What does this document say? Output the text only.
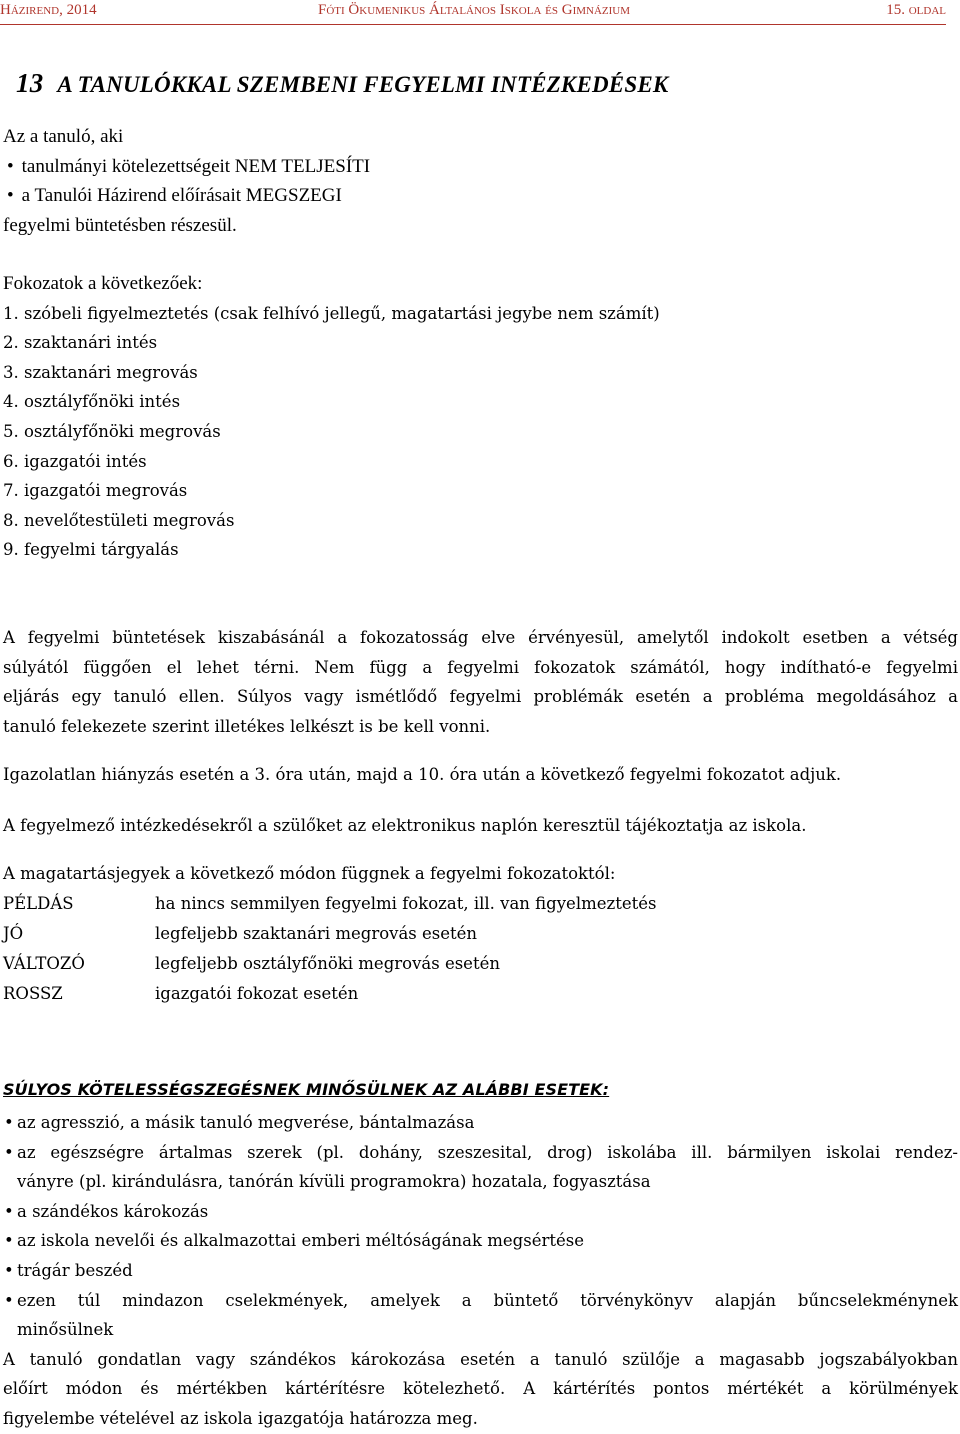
Házirend, 2014	Fóti Ökumenikus Általános Iskola és Gimnázium	15. oldal
13 A TANULÓKKAL SZEMBENI FEGYELMI INTÉZKEDÉSEK
Az a tanuló, aki
• tanulmányi kötelezettségeit NEM TELJESÍTI
• a Tanulói Házirend előírásait MEGSZEGI
fegyelmi büntetésben részesül.
Fokozatok a következőek:
1. szóbeli figyelmeztetés (csak felhívó jellegű, magatartási jegybe nem számít)
2. szaktanári intés
3. szaktanári megrovás
4. osztályfőnöki intés
5. osztályfőnöki megrovás
6. igazgatói intés
7. igazgatói megrovás
8. nevelőtestületi megrovás
9. fegyelmi tárgyalás
A fegyelmi büntetések kiszabásánál a fokozatosság elve érvényesül, amelytől indokolt esetben a vétség
súlyától függően el lehet térni. Nem függ a fegyelmi fokozatok számától, hogy indítható-e fegyelmi
eljárás egy tanuló ellen. Súlyos vagy ismétlődő fegyelmi problémák esetén a probléma megoldásához a
tanuló felekezete szerint illetékes lelkészt is be kell vonni.
Igazolatlan hiányzás esetén a 3. óra után, majd a 10. óra után a következő fegyelmi fokozatot adjuk.
A fegyelmező intézkedésekről a szülőket az elektronikus naplón keresztül tájékoztatja az iskola.
A magatartásjegyek a következő módon függnek a fegyelmi fokozatoktól:
PÉLDÁS	ha nincs semmilyen fegyelmi fokozat, ill. van figyelmeztetés
JÓ	legfeljebb szaktanári megrovás esetén
VÁLTOZÓ	legfeljebb osztályfőnöki megrovás esetén
ROSSZ	igazgatói fokozat esetén
SÚLYOS KÖTELESSÉGSZEGÉSNEK MINŐSÜLNEK AZ ALÁBBI ESETEK:
• az agresszió, a másik tanuló megverése, bántalmazása
• az egészségre ártalmas szerek (pl. dohány, szeszesital, drog) iskolába ill. bármilyen iskolai rendez-
ványre (pl. kirándulásra, tanórán kívüli programokra) hozatala, fogyasztása
• a szándékos károkozás
• az iskola nevelői és alkalmazottai emberi méltóságának megsértése
• trágár beszéd
• ezen túl mindazon cselekmények, amelyek a büntető törvénykönyv alapján bűncselekménynek
minősülnek
A tanuló gondatlan vagy szándékos károkozása esetén a tanuló szülője a magasabb jogszabályokban
előírt módon és mértékben kártérítésre kötelezhető. A kártérítés pontos mértékét a körülmények
figyelembe vételével az iskola igazgatója határozza meg.
